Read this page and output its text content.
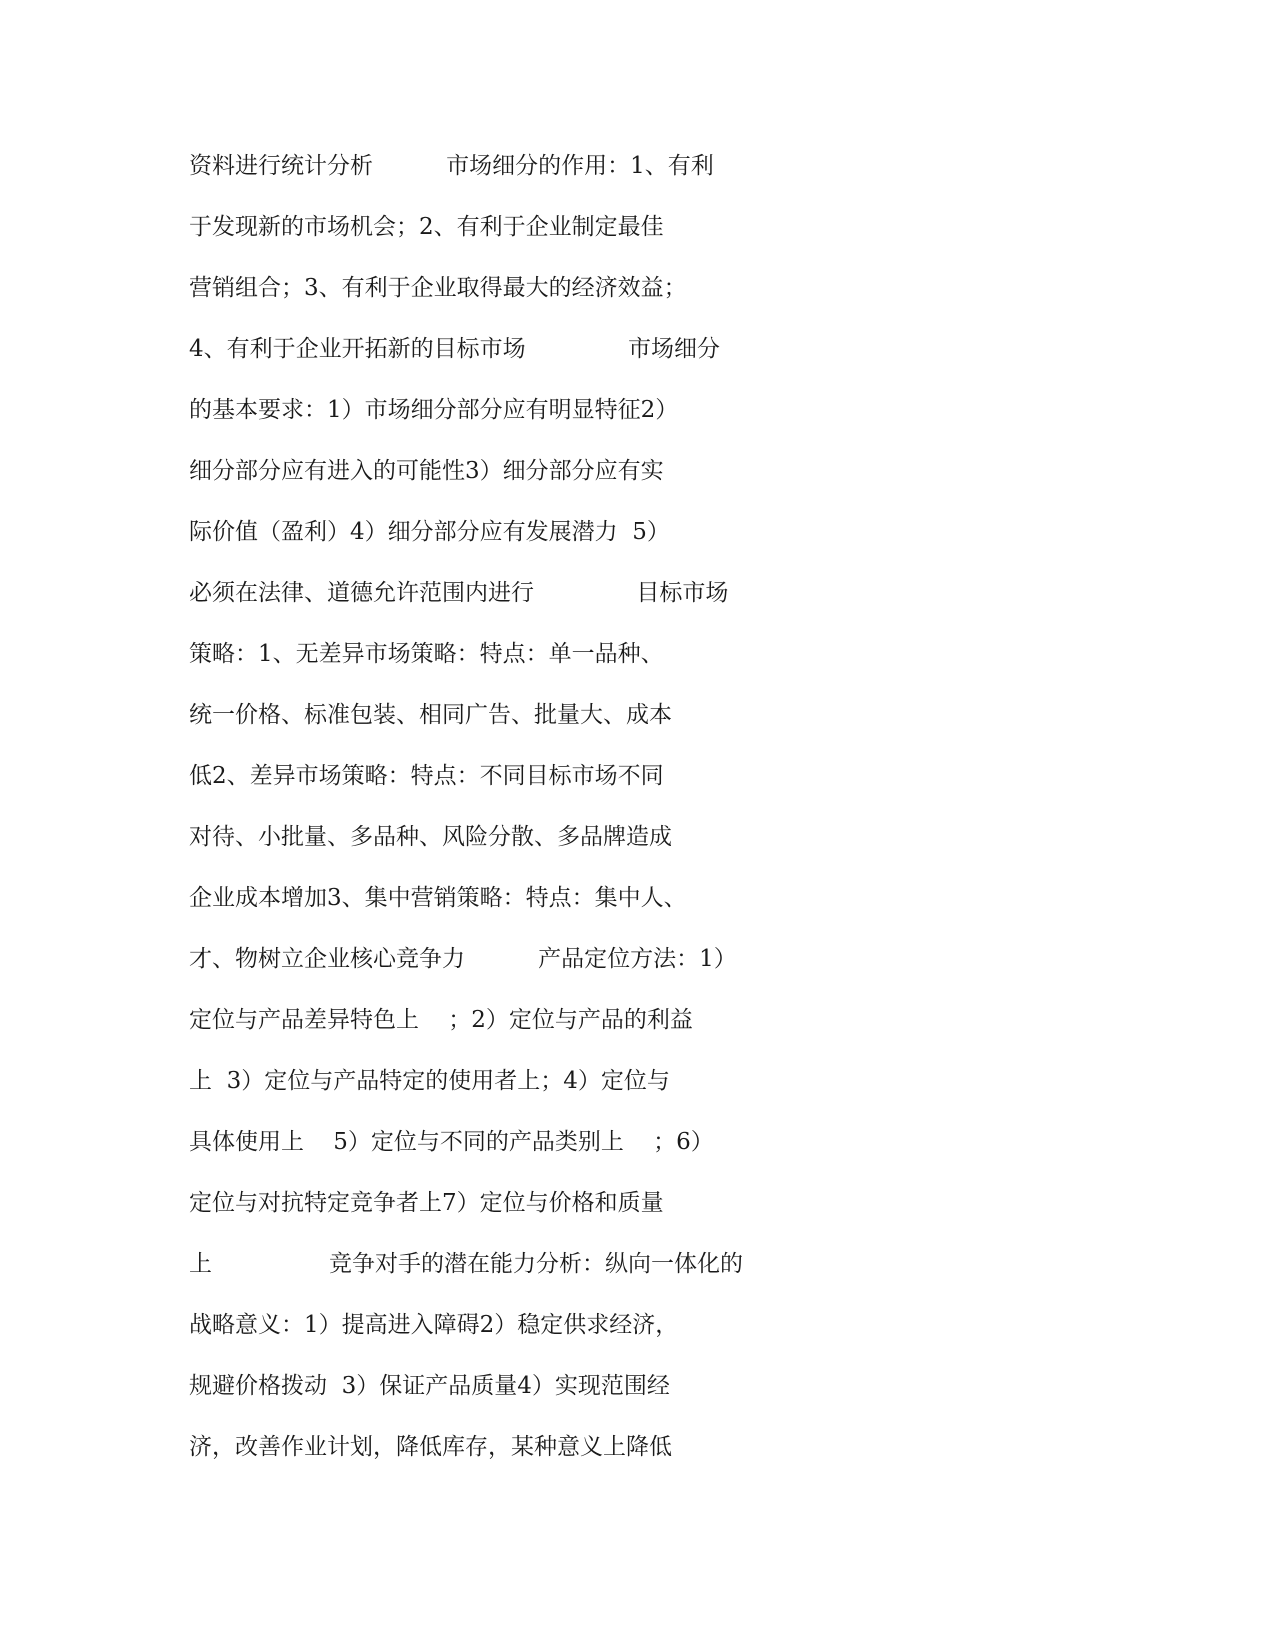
资料进行统计分析          市场细分的作用：1、有利
于发现新的市场机会；2、有利于企业制定最佳
营销组合；3、有利于企业取得最大的经济效益；
4、有利于企业开拓新的目标市场              市场细分
的基本要求：1）市场细分部分应有明显特征2）
细分部分应有进入的可能性3）细分部分应有实
际价值（盈利）4）细分部分应有发展潜力  5）
必须在法律、道德允许范围内进行              目标市场
策略：1、无差异市场策略：特点：单一品种、
统一价格、标准包装、相同广告、批量大、成本
低2、差异市场策略：特点：不同目标市场不同
对待、小批量、多品种、风险分散、多品牌造成
企业成本增加3、集中营销策略：特点：集中人、
才、物树立企业核心竞争力          产品定位方法：1）
定位与产品差异特色上    ；2）定位与产品的利益
上  3）定位与产品特定的使用者上；4）定位与
具体使用上    5）定位与不同的产品类别上    ；6）
定位与对抗特定竞争者上7）定位与价格和质量
上                竞争对手的潜在能力分析：纵向一体化的
战略意义：1）提高进入障碍2）稳定供求经济，
规避价格拨动  3）保证产品质量4）实现范围经
济，改善作业计划，降低库存，某种意义上降低
